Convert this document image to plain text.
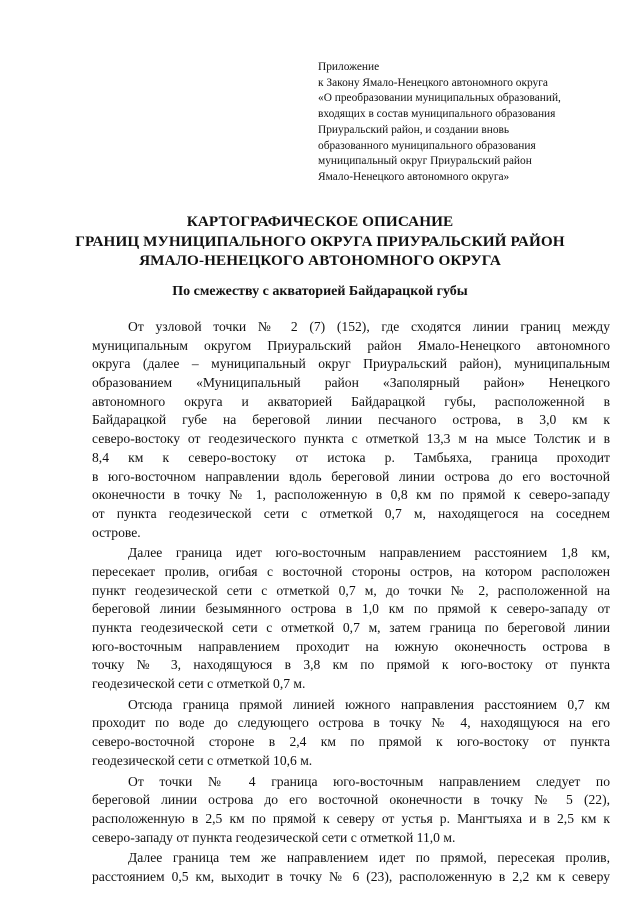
Приложение
к Закону Ямало-Ненецкого автономного округа
«О преобразовании муниципальных образований,
входящих в состав муниципального образования
Приуральский район, и создании вновь
образованного муниципального образования
муниципальный округ Приуральский район
Ямало-Ненецкого автономного округа»
КАРТОГРАФИЧЕСКОЕ ОПИСАНИЕ
ГРАНИЦ МУНИЦИПАЛЬНОГО ОКРУГА ПРИУРАЛЬСКИЙ РАЙОН
ЯМАЛО-НЕНЕЦКОГО АВТОНОМНОГО ОКРУГА
По смежеству с акваторией Байдарацкой губы
От узловой точки № 2 (7) (152), где сходятся линии границ между
муниципальным округом Приуральский район Ямало-Ненецкого автономного
округа (далее – муниципальный округ Приуральский район), муниципальным
образованием «Муниципальный район «Заполярный район» Ненецкого
автономного округа и акваторией Байдарацкой губы, расположенной в
Байдарацкой губе на береговой линии песчаного острова, в 3,0 км к
северо-востоку от геодезического пункта с отметкой 13,3 м на мысе Толстик и в
8,4 км к северо-востоку от истока р. Тамбьяха, граница проходит
в юго-восточном направлении вдоль береговой линии острова до его восточной
оконечности в точку № 1, расположенную в 0,8 км по прямой к северо-западу
от пункта геодезической сети с отметкой 0,7 м, находящегося на соседнем
острове.
Далее граница идет юго-восточным направлением расстоянием 1,8 км,
пересекает пролив, огибая с восточной стороны остров, на котором расположен
пункт геодезической сети с отметкой 0,7 м, до точки № 2, расположенной на
береговой линии безымянного острова в 1,0 км по прямой к северо-западу от
пункта геодезической сети с отметкой 0,7 м, затем граница по береговой линии
юго-восточным направлением проходит на южную оконечность острова в
точку № 3, находящуюся в 3,8 км по прямой к юго-востоку от пункта
геодезической сети с отметкой 0,7 м.
Отсюда граница прямой линией южного направления расстоянием 0,7 км
проходит по воде до следующего острова в точку № 4, находящуюся на его
северо-восточной стороне в 2,4 км по прямой к юго-востоку от пункта
геодезической сети с отметкой 10,6 м.
От точки № 4 граница юго-восточным направлением следует по
береговой линии острова до его восточной оконечности в точку № 5 (22),
расположенную в 2,5 км по прямой к северу от устья р. Мангтыяха и в 2,5 км к
северо-западу от пункта геодезической сети с отметкой 11,0 м.
Далее граница тем же направлением идет по прямой, пересекая пролив,
расстоянием 0,5 км, выходит в точку № 6 (23), расположенную в 2,2 км к северу
